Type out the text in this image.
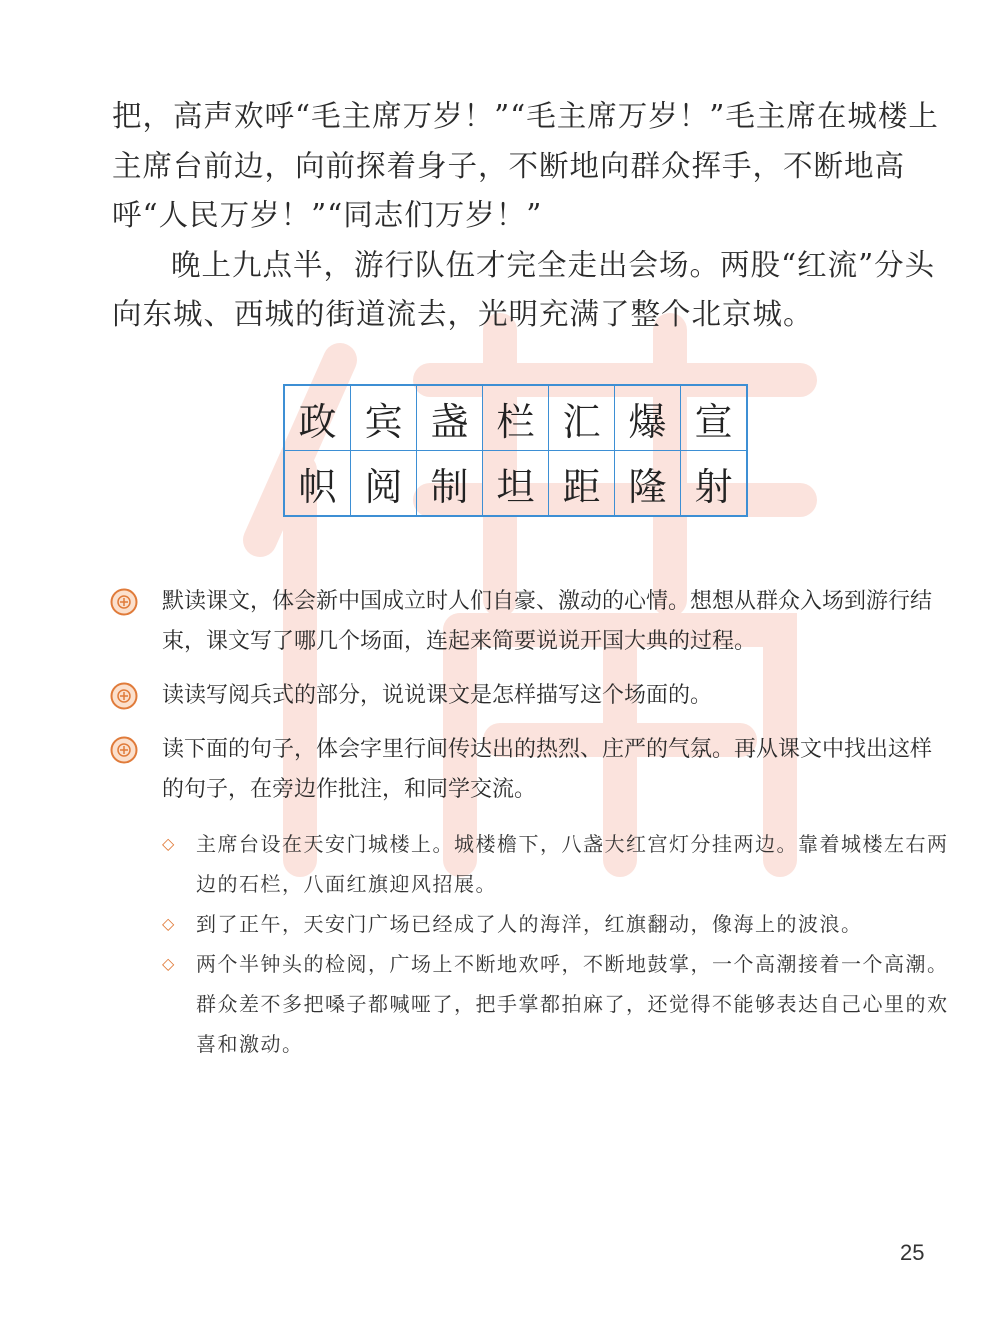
把，高声欢呼“毛主席万岁！”“毛主席万岁！”毛主席在城楼上主席台前边，向前探着身子，不断地向群众挥手，不断地高呼“人民万岁！”“同志们万岁！”

晚上九点半，游行队伍才完全走出会场。两股“红流”分头向东城、西城的街道流去，光明充满了整个北京城。

政	宾	盏	栏	汇	爆	宣
帜	阅	制	坦	距	隆	射
默读课文，体会新中国成立时人们自豪、激动的心情。想想从群众入场到游行结束，课文写了哪几个场面，连起来简要说说开国大典的过程。
读读写阅兵式的部分，说说课文是怎样描写这个场面的。
读下面的句子，体会字里行间传达出的热烈、庄严的气氛。再从课文中找出这样的句子，在旁边作批注，和同学交流。
◇ 主席台设在天安门城楼上。城楼檐下，八盏大红宫灯分挂两边。靠着城楼左右两边的石栏，八面红旗迎风招展。
◇ 到了正午，天安门广场已经成了人的海洋，红旗翻动，像海上的波浪。
◇ 两个半钟头的检阅，广场上不断地欢呼，不断地鼓掌，一个高潮接着一个高潮。群众差不多把嗓子都喊哑了，把手掌都拍麻了，还觉得不能够表达自己心里的欢喜和激动。
25
